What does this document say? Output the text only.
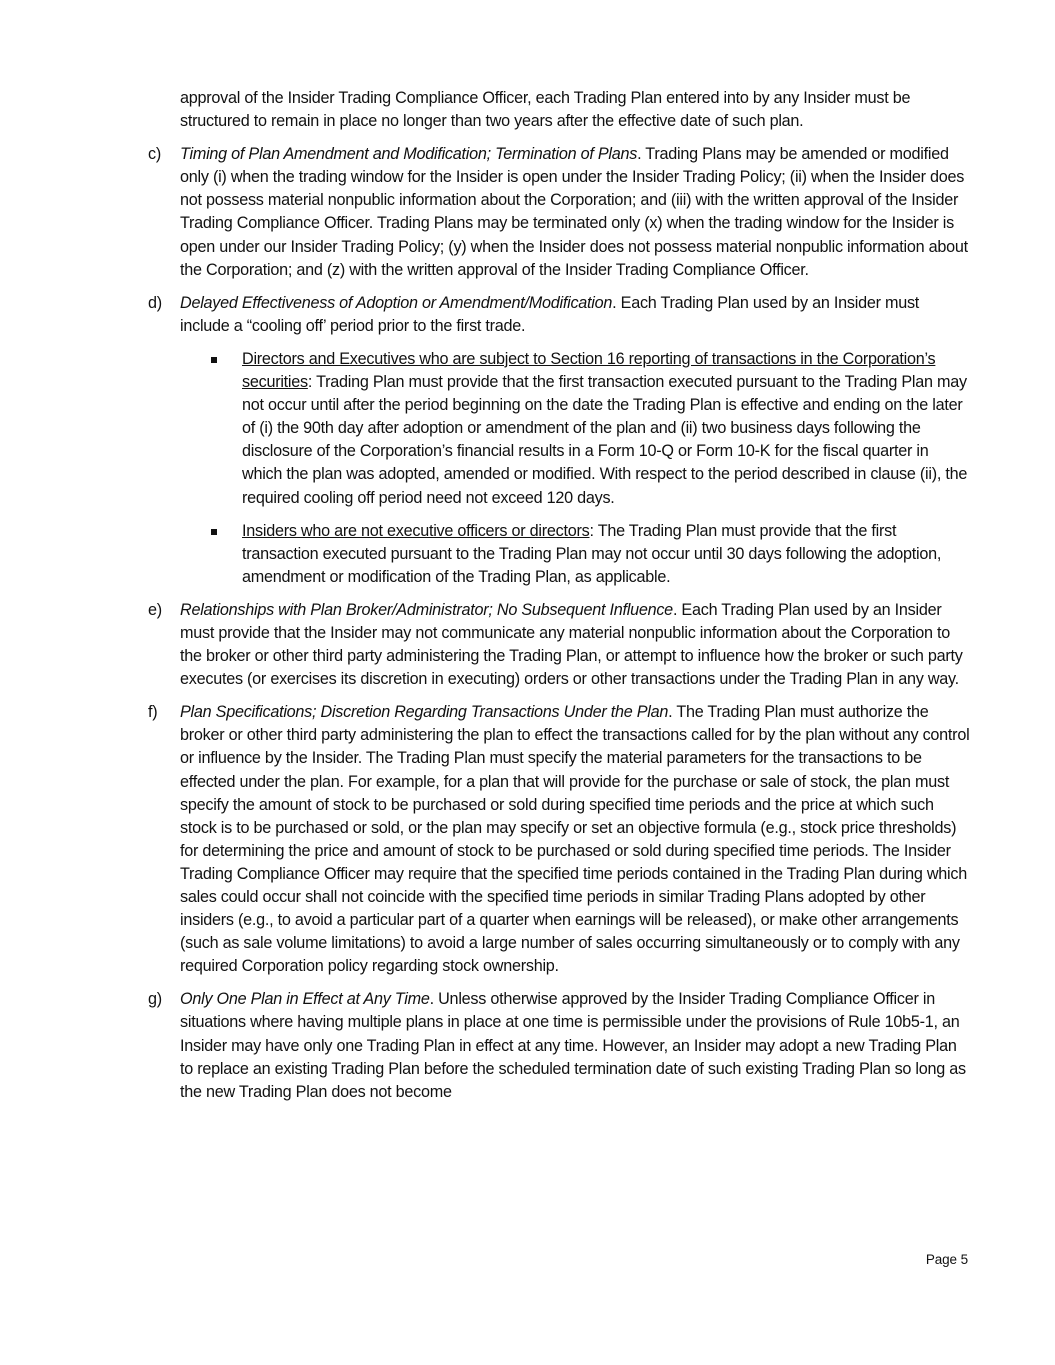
approval of the Insider Trading Compliance Officer, each Trading Plan entered into by any Insider must be structured to remain in place no longer than two years after the effective date of such plan.

c) Timing of Plan Amendment and Modification; Termination of Plans. Trading Plans may be amended or modified only (i) when the trading window for the Insider is open under the Insider Trading Policy; (ii) when the Insider does not possess material nonpublic information about the Corporation; and (iii) with the written approval of the Insider Trading Compliance Officer. Trading Plans may be terminated only (x) when the trading window for the Insider is open under our Insider Trading Policy; (y) when the Insider does not possess material nonpublic information about the Corporation; and (z) with the written approval of the Insider Trading Compliance Officer.
d) Delayed Effectiveness of Adoption or Amendment/Modification. Each Trading Plan used by an Insider must include a “cooling off’ period prior to the first trade.
Directors and Executives who are subject to Section 16 reporting of transactions in the Corporation’s securities: Trading Plan must provide that the first transaction executed pursuant to the Trading Plan may not occur until after the period beginning on the date the Trading Plan is effective and ending on the later of (i) the 90th day after adoption or amendment of the plan and (ii) two business days following the disclosure of the Corporation’s financial results in a Form 10-Q or Form 10-K for the fiscal quarter in which the plan was adopted, amended or modified. With respect to the period described in clause (ii), the required cooling off period need not exceed 120 days.
Insiders who are not executive officers or directors: The Trading Plan must provide that the first transaction executed pursuant to the Trading Plan may not occur until 30 days following the adoption, amendment or modification of the Trading Plan, as applicable.
e) Relationships with Plan Broker/Administrator; No Subsequent Influence. Each Trading Plan used by an Insider must provide that the Insider may not communicate any material nonpublic information about the Corporation to the broker or other third party administering the Trading Plan, or attempt to influence how the broker or such party executes (or exercises its discretion in executing) orders or other transactions under the Trading Plan in any way.
f) Plan Specifications; Discretion Regarding Transactions Under the Plan. The Trading Plan must authorize the broker or other third party administering the plan to effect the transactions called for by the plan without any control or influence by the Insider. The Trading Plan must specify the material parameters for the transactions to be effected under the plan. For example, for a plan that will provide for the purchase or sale of stock, the plan must specify the amount of stock to be purchased or sold during specified time periods and the price at which such stock is to be purchased or sold, or the plan may specify or set an objective formula (e.g., stock price thresholds) for determining the price and amount of stock to be purchased or sold during specified time periods. The Insider Trading Compliance Officer may require that the specified time periods contained in the Trading Plan during which sales could occur shall not coincide with the specified time periods in similar Trading Plans adopted by other insiders (e.g., to avoid a particular part of a quarter when earnings will be released), or make other arrangements (such as sale volume limitations) to avoid a large number of sales occurring simultaneously or to comply with any required Corporation policy regarding stock ownership.
g) Only One Plan in Effect at Any Time. Unless otherwise approved by the Insider Trading Compliance Officer in situations where having multiple plans in place at one time is permissible under the provisions of Rule 10b5-1, an Insider may have only one Trading Plan in effect at any time. However, an Insider may adopt a new Trading Plan to replace an existing Trading Plan before the scheduled termination date of such existing Trading Plan so long as the new Trading Plan does not become
Page 5
